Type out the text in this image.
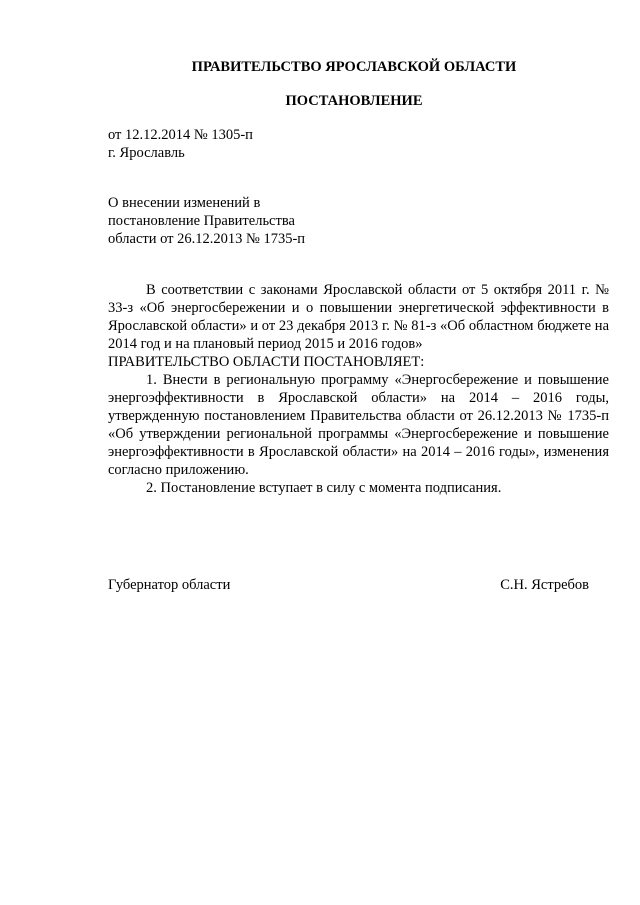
ПРАВИТЕЛЬСТВО ЯРОСЛАВСКОЙ ОБЛАСТИ
ПОСТАНОВЛЕНИЕ
от 12.12.2014 № 1305-п
г. Ярославль
О внесении изменений в
постановление Правительства
области от 26.12.2013 № 1735-п

В соответствии с законами Ярославской области от 5 октября 2011 г. № 33-з «Об энергосбережении и о повышении энергетической эффективности в Ярославской области» и от 23 декабря 2013 г. № 81-з «Об областном бюджете на 2014 год и на плановый период 2015 и 2016 годов»

ПРАВИТЕЛЬСТВО ОБЛАСТИ ПОСТАНОВЛЯЕТ:

1. Внести в региональную программу «Энергосбережение и повышение энергоэффективности в Ярославской области» на 2014 – 2016 годы, утвержденную постановлением Правительства области от 26.12.2013 № 1735-п «Об утверждении региональной программы «Энергосбережение и повышение энергоэффективности в Ярославской области» на 2014 – 2016 годы», изменения согласно приложению.

2. Постановление вступает в силу с момента подписания.

Губернатор области	С.Н. Ястребов
